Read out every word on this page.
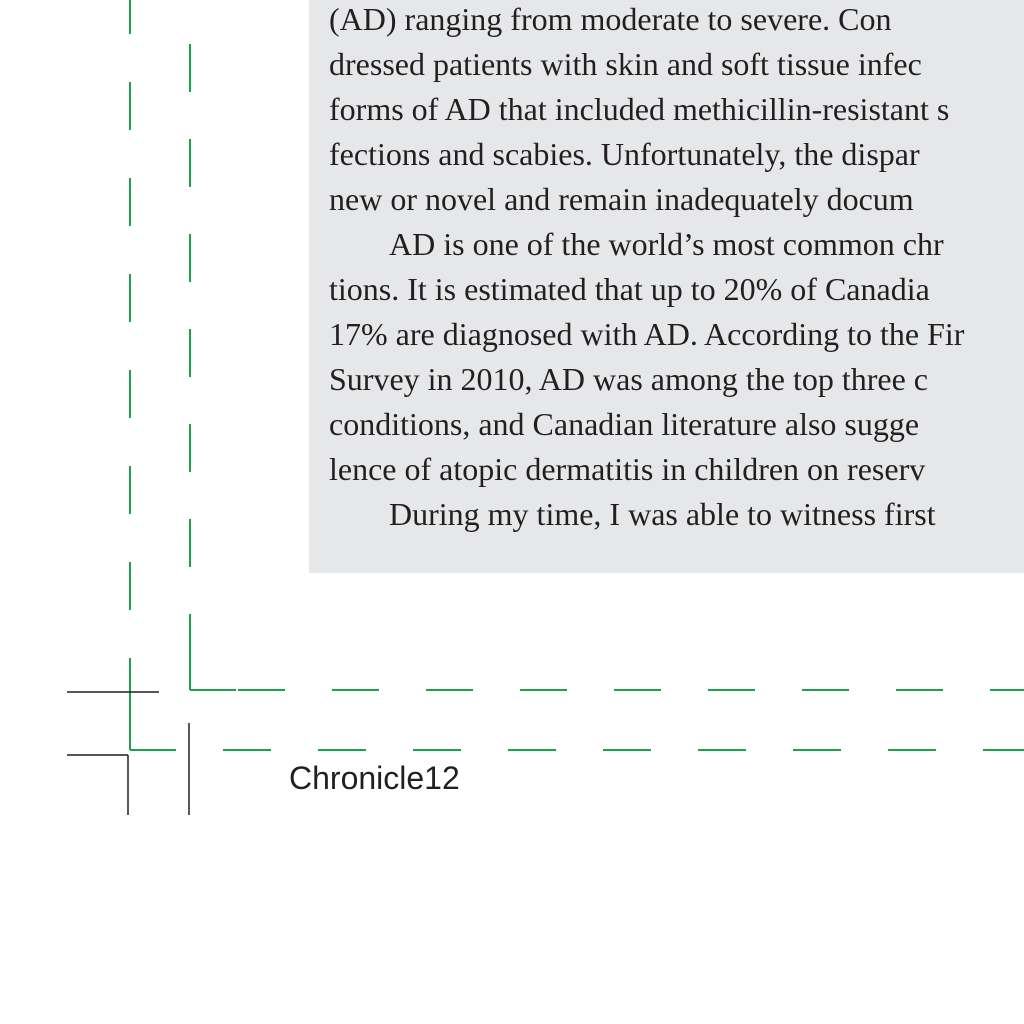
(AD) ranging from moderate to severe. Con
dressed patients with skin and soft tissue infec
forms of AD that included methicillin-resistant s
fections and scabies. Unfortunately, the dispar
new or novel and remain inadequately docum
AD is one of the world’s most common chr
tions. It is estimated that up to 20% of Canadia
17% are diagnosed with AD. According to the Fir
Survey in 2010, AD was among the top three c
conditions, and Canadian literature also sugge
lence of atopic dermatitis in children on reserv
During my time, I was able to witness first
Chronicle12
